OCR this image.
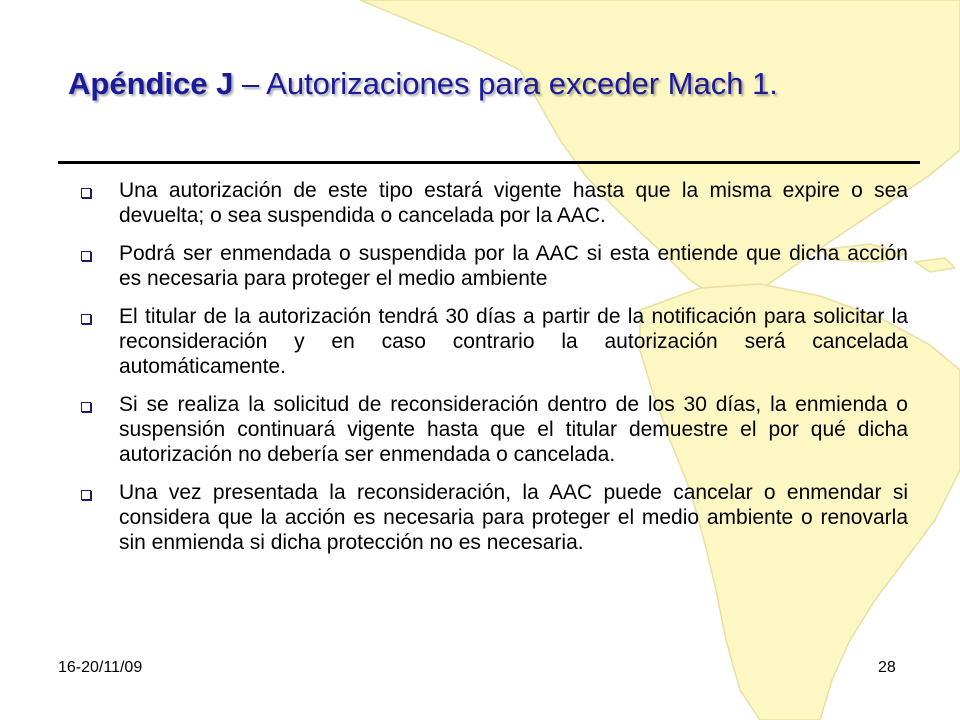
Apéndice J – Autorizaciones para exceder Mach 1.
Una autorización de este tipo estará vigente hasta que la misma expire o sea devuelta; o sea suspendida o cancelada por la AAC.
Podrá ser enmendada o suspendida por la AAC si esta entiende que dicha acción es necesaria para proteger el medio ambiente
El titular de la autorización tendrá 30 días a partir de la notificación para solicitar la reconsideración y en caso contrario la autorización será cancelada automáticamente.
Si se realiza la solicitud de reconsideración dentro de los 30 días, la enmienda o suspensión continuará vigente hasta que el titular demuestre el por qué dicha autorización no debería ser enmendada o cancelada.
Una vez presentada la reconsideración, la AAC puede cancelar o enmendar si considera que la acción es necesaria para proteger el medio ambiente o renovarla sin enmienda si dicha protección no es necesaria.
16-20/11/09	28
